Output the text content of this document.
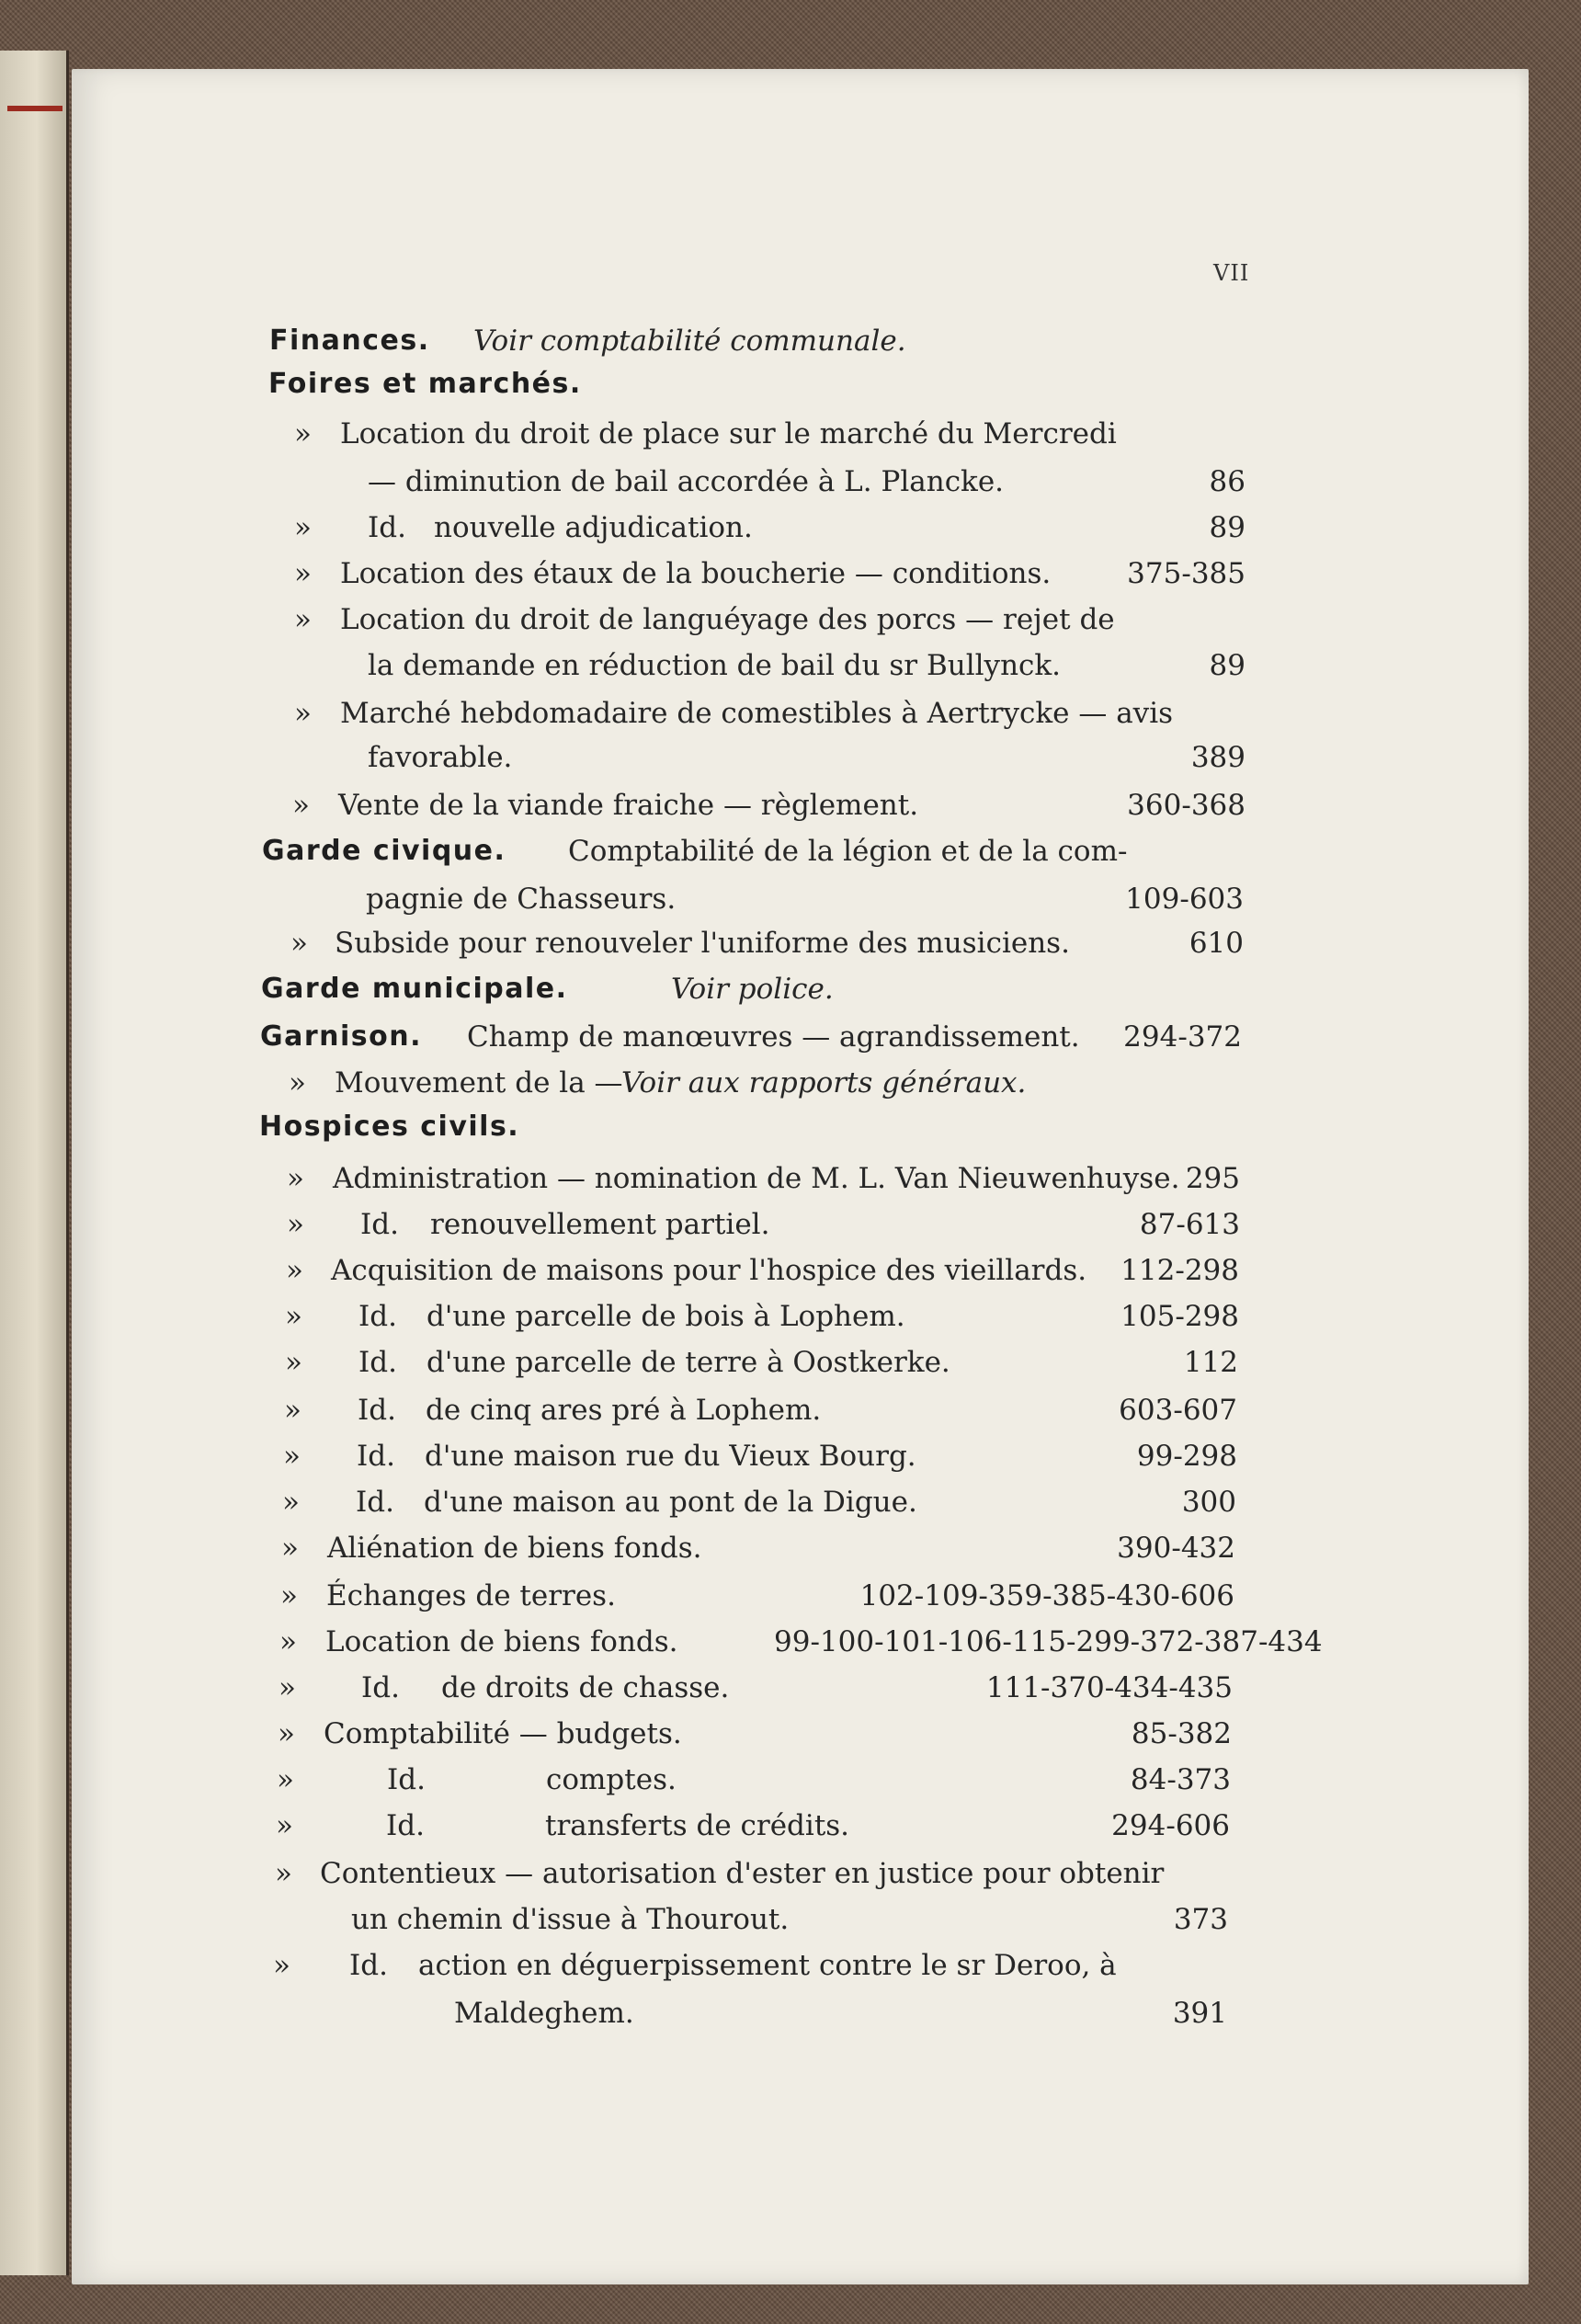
VII
Finances. Voir comptabilité communale.
Foires et marchés.
» Location du droit de place sur le marché du Mercredi
— diminution de bail accordée à L. Plancke.	86
» Id. nouvelle adjudication.	89
» Location des étaux de la boucherie — conditions.	375-385
» Location du droit de languéyage des porcs — rejet de
la demande en réduction de bail du sr Bullynck.	89
» Marché hebdomadaire de comestibles à Aertrycke — avis
favorable.	389
» Vente de la viande fraiche — règlement.	360-368
Garde civique. Comptabilité de la légion et de la com-
pagnie de Chasseurs.	109-603
» Subside pour renouveler l'uniforme des musiciens.	610
Garde municipale.	Voir police.
Garnison. Champ de manœuvres — agrandissement.	294-372
» Mouvement de la —
Voir aux rapports généraux.
Hospices civils.
» Administration — nomination de M. L. Van Nieuwenhuyse. 295
» Id. renouvellement partiel.	87-613
» Acquisition de maisons pour l'hospice des vieillards.	112-298
» Id. d'une parcelle de bois à Lophem.	105-298
» Id. d'une parcelle de terre à Oostkerke.	112
» Id. de cinq ares pré à Lophem.	603-607
» Id. d'une maison rue du Vieux Bourg.	99-298
» Id. d'une maison au pont de la Digue.	300
» Aliénation de biens fonds.	390-432
» Échanges de terres.	102-109-359-385-430-606
» Location de biens fonds.	99-100-101-106-115-299-372-387-434
» Id. de droits de chasse.	111-370-434-435
» Comptabilité — budgets.	85-382
»	Id.	comptes.	84-373
»	Id.	transferts de crédits.	294-606
» Contentieux — autorisation d'ester en justice pour obtenir
un chemin d'issue à Thourout.	373
» Id. action en déguerpissement contre le sr Deroo, à
Maldeghem.	391
